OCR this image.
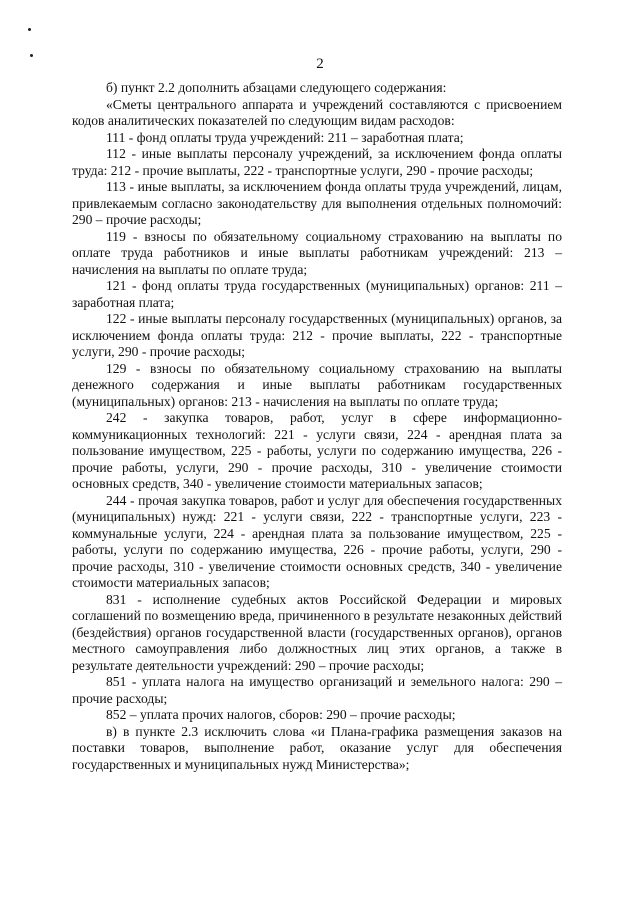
2

б) пункт 2.2 дополнить абзацами следующего содержания:

«Сметы центрального аппарата и учреждений составляются с присвоением кодов аналитических показателей по следующим видам расходов:

111 - фонд оплаты труда учреждений: 211 – заработная плата;

112 - иные выплаты персоналу учреждений, за исключением фонда оплаты труда: 212 - прочие выплаты, 222 - транспортные услуги, 290 - прочие расходы;

113 - иные выплаты, за исключением фонда оплаты труда учреждений, лицам, привлекаемым согласно законодательству для выполнения отдельных полномочий: 290 – прочие расходы;

119 - взносы по обязательному социальному страхованию на выплаты по оплате труда работников и иные выплаты работникам учреждений: 213 – начисления на выплаты по оплате труда;

121 - фонд оплаты труда государственных (муниципальных) органов: 211 – заработная плата;

122 - иные выплаты персоналу государственных (муниципальных) органов, за исключением фонда оплаты труда: 212 - прочие выплаты, 222 - транспортные услуги, 290 - прочие расходы;

129 - взносы по обязательному социальному страхованию на выплаты денежного содержания и иные выплаты работникам государственных (муниципальных) органов: 213 - начисления на выплаты по оплате труда;

242 - закупка товаров, работ, услуг в сфере информационно-коммуникационных технологий: 221 - услуги связи, 224 - арендная плата за пользование имуществом, 225 - работы, услуги по содержанию имущества, 226 - прочие работы, услуги, 290 - прочие расходы, 310 - увеличение стоимости основных средств, 340 - увеличение стоимости материальных запасов;

244 - прочая закупка товаров, работ и услуг для обеспечения государственных (муниципальных) нужд: 221 - услуги связи, 222 - транспортные услуги, 223 - коммунальные услуги, 224 - арендная плата за пользование имуществом, 225 - работы, услуги по содержанию имущества, 226 - прочие работы, услуги, 290 - прочие расходы, 310 - увеличение стоимости основных средств, 340 - увеличение стоимости материальных запасов;

831 - исполнение судебных актов Российской Федерации и мировых соглашений по возмещению вреда, причиненного в результате незаконных действий (бездействия) органов государственной власти (государственных органов), органов местного самоуправления либо должностных лиц этих органов, а также в результате деятельности учреждений: 290 – прочие расходы;

851 - уплата налога на имущество организаций и земельного налога: 290 – прочие расходы;

852 – уплата прочих налогов, сборов: 290 – прочие расходы;

в) в пункте 2.3 исключить слова «и Плана-графика размещения заказов на поставки товаров, выполнение работ, оказание услуг для обеспечения государственных и муниципальных нужд Министерства»;
